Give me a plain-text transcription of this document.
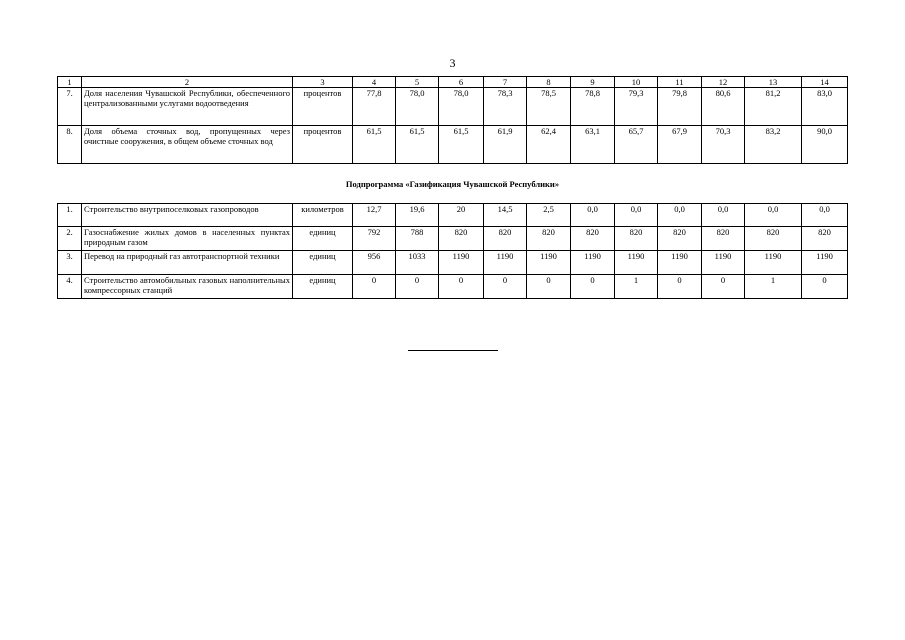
3
1	2	3	4	5	6	7	8	9	10	11	12	13	14
7.	Доля населения Чувашской Республики, обеспеченного централизованными услугами водоотведения	процентов	77,8	78,0	78,0	78,3	78,5	78,8	79,3	79,8	80,6	81,2	83,0
8.	Доля объема сточных вод, пропущенных через очистные сооружения, в общем объеме сточных вод	процентов	61,5	61,5	61,5	61,9	62,4	63,1	65,7	67,9	70,3	83,2	90,0
Подпрограмма «Газификация Чувашской Республики»
1.	Строительство внутрипоселковых газопроводов	километров	12,7	19,6	20	14,5	2,5	0,0	0,0	0,0	0,0	0,0	0,0
2.	Газоснабжение жилых домов в населенных пунктах природным газом	единиц	792	788	820	820	820	820	820	820	820	820	820
3.	Перевод на природный газ автотранспортной техники	единиц	956	1033	1190	1190	1190	1190	1190	1190	1190	1190	1190
4.	Строительство автомобильных газовых наполнительных компрессорных станций	единиц	0	0	0	0	0	0	1	0	0	1	0
